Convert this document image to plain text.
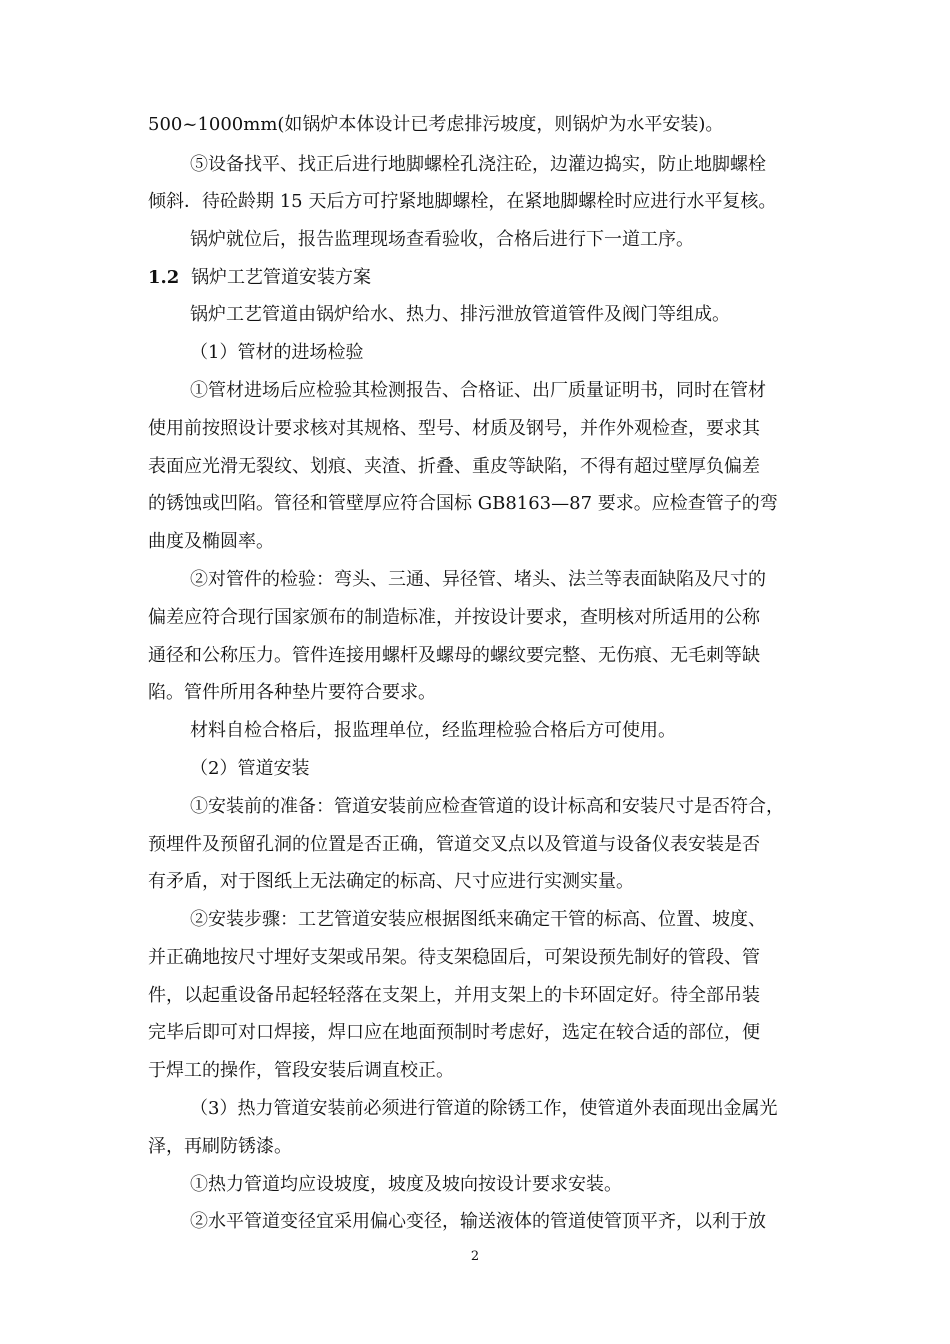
500~1000mm(如锅炉本体设计已考虑排污坡度，则锅炉为水平安装)。
⑤设备找平、找正后进行地脚螺栓孔浇注砼，边灌边捣实，防止地脚螺栓
倾斜．待砼龄期 15 天后方可拧紧地脚螺栓，在紧地脚螺栓时应进行水平复核。
锅炉就位后，报告监理现场查看验收，合格后进行下一道工序。
1.2 锅炉工艺管道安装方案
锅炉工艺管道由锅炉给水、热力、排污泄放管道管件及阀门等组成。
（1）管材的进场检验
①管材进场后应检验其检测报告、合格证、出厂质量证明书，同时在管材
使用前按照设计要求核对其规格、型号、材质及钢号，并作外观检查，要求其
表面应光滑无裂纹、划痕、夹渣、折叠、重皮等缺陷，不得有超过壁厚负偏差
的锈蚀或凹陷。管径和管壁厚应符合国标 GB8163—87 要求。应检查管子的弯
曲度及椭圆率。
②对管件的检验：弯头、三通、异径管、堵头、法兰等表面缺陷及尺寸的
偏差应符合现行国家颁布的制造标准，并按设计要求，查明核对所适用的公称
通径和公称压力。管件连接用螺杆及螺母的螺纹要完整、无伤痕、无毛刺等缺
陷。管件所用各种垫片要符合要求。
材料自检合格后，报监理单位，经监理检验合格后方可使用。
（2）管道安装
①安装前的准备：管道安装前应检查管道的设计标高和安装尺寸是否符合，
预埋件及预留孔洞的位置是否正确，管道交叉点以及管道与设备仪表安装是否
有矛盾，对于图纸上无法确定的标高、尺寸应进行实测实量。
②安装步骤：工艺管道安装应根据图纸来确定干管的标高、位置、坡度、
并正确地按尺寸埋好支架或吊架。待支架稳固后，可架设预先制好的管段、管
件，以起重设备吊起轻轻落在支架上，并用支架上的卡环固定好。待全部吊装
完毕后即可对口焊接，焊口应在地面预制时考虑好，选定在较合适的部位，便
于焊工的操作，管段安装后调直校正。
（3）热力管道安装前必须进行管道的除锈工作，使管道外表面现出金属光
泽，再刷防锈漆。
①热力管道均应设坡度，坡度及坡向按设计要求安装。
②水平管道变径宜采用偏心变径，输送液体的管道使管顶平齐，以利于放
2
